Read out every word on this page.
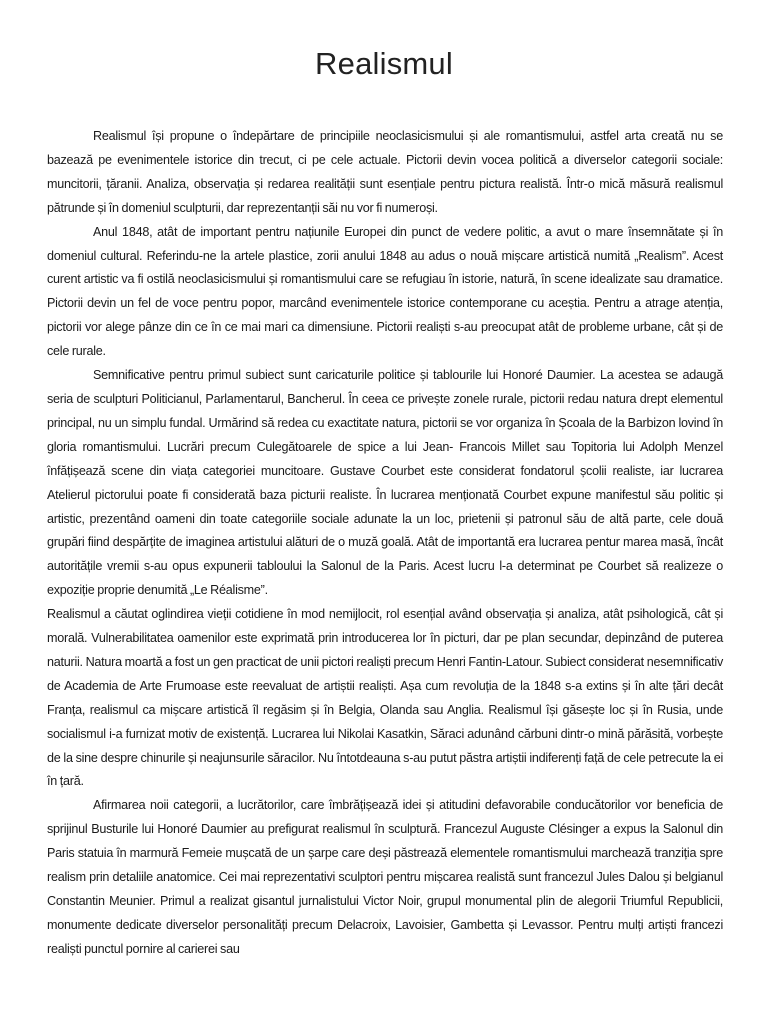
Realismul

Realismul își propune o îndepărtare de principiile neoclasicismului și ale romantismului, astfel arta creată nu se bazează pe evenimentele istorice din trecut, ci pe cele actuale. Pictorii devin vocea politică a diverselor categorii sociale: muncitorii, țăranii. Analiza, observația și redarea realității sunt esențiale pentru pictura realistă. Într-o mică măsură realismul pătrunde și în domeniul sculpturii, dar reprezentanții săi nu vor fi numeroși.

Anul 1848, atât de important pentru națiunile Europei din punct de vedere politic, a avut o mare însemnătate și în domeniul cultural. Referindu-ne la artele plastice, zorii anului 1848 au adus o nouă mișcare artistică numită „Realism”. Acest curent artistic va fi ostilă neoclasicismului și romantismului care se refugiau în istorie, natură, în scene idealizate sau dramatice. Pictorii devin un fel de voce pentru popor, marcând evenimentele istorice contemporane cu aceștia. Pentru a atrage atenția, pictorii vor alege pânze din ce în ce mai mari ca dimensiune. Pictorii realiști s-au preocupat atât de probleme urbane, cât și de cele rurale.

Semnificative pentru primul subiect sunt caricaturile politice și tablourile lui Honoré Daumier. La acestea se adaugă seria de sculpturi Politicianul, Parlamentarul, Bancherul. În ceea ce privește zonele rurale, pictorii redau natura drept elementul principal, nu un simplu fundal. Urmărind să redea cu exactitate natura, pictorii se vor organiza în Școala de la Barbizon lovind în gloria romantismului. Lucrări precum Culegătoarele de spice a lui Jean- Francois Millet sau Topitoria lui Adolph Menzel înfățișează scene din viața categoriei muncitoare. Gustave Courbet este considerat fondatorul școlii realiste, iar lucrarea Atelierul pictorului poate fi considerată baza picturii realiste. În lucrarea menționată Courbet expune manifestul său politic și artistic, prezentând oameni din toate categoriile sociale adunate la un loc, prietenii și patronul său de altă parte, cele două grupări fiind despărțite de imaginea artistului alături de o muză goală. Atât de importantă era lucrarea pentur marea masă, încât autoritățile vremii s-au opus expunerii tabloului la Salonul de la Paris. Acest lucru l-a determinat pe Courbet să realizeze o expoziție proprie denumită „Le Réalisme”.

Realismul a căutat oglindirea vieții cotidiene în mod nemijlocit, rol esențial având observația și analiza, atât psihologică, cât și morală. Vulnerabilitatea oamenilor este exprimată prin introducerea lor în picturi, dar pe plan secundar, depinzând de puterea naturii. Natura moartă a fost un gen practicat de unii pictori realiști precum Henri Fantin-Latour. Subiect considerat nesemnificativ de Academia de Arte Frumoase este reevaluat de artiștii realiști. Așa cum revoluția de la 1848 s-a extins și în alte țări decât Franța, realismul ca mișcare artistică îl regăsim și în Belgia, Olanda sau Anglia. Realismul își găsește loc și în Rusia, unde socialismul i-a furnizat motiv de existență. Lucrarea lui Nikolai Kasatkin, Săraci adunând cărbuni dintr-o mină părăsită, vorbește de la sine despre chinurile și neajunsurile săracilor. Nu întotdeauna s-au putut păstra artiștii indiferenți față de cele petrecute la ei în țară.

Afirmarea noii categorii, a lucrătorilor, care îmbrățișează idei și atitudini defavorabile conducătorilor vor beneficia de sprijinul Busturile lui Honoré Daumier au prefigurat realismul în sculptură. Francezul Auguste Clésinger a expus la Salonul din Paris statuia în marmură Femeie mușcată de un șarpe care deși păstrează elementele romantismului marchează tranziția spre realism prin detaliile anatomice. Cei mai reprezentativi sculptori pentru mișcarea realistă sunt francezul Jules Dalou și belgianul Constantin Meunier. Primul a realizat gisantul jurnalistului Victor Noir, grupul monumental plin de alegorii Triumful Republicii, monumente dedicate diverselor personalități precum Delacroix, Lavoisier, Gambetta și Levassor. Pentru mulți artiști francezi realiști punctul pornire al carierei sau
